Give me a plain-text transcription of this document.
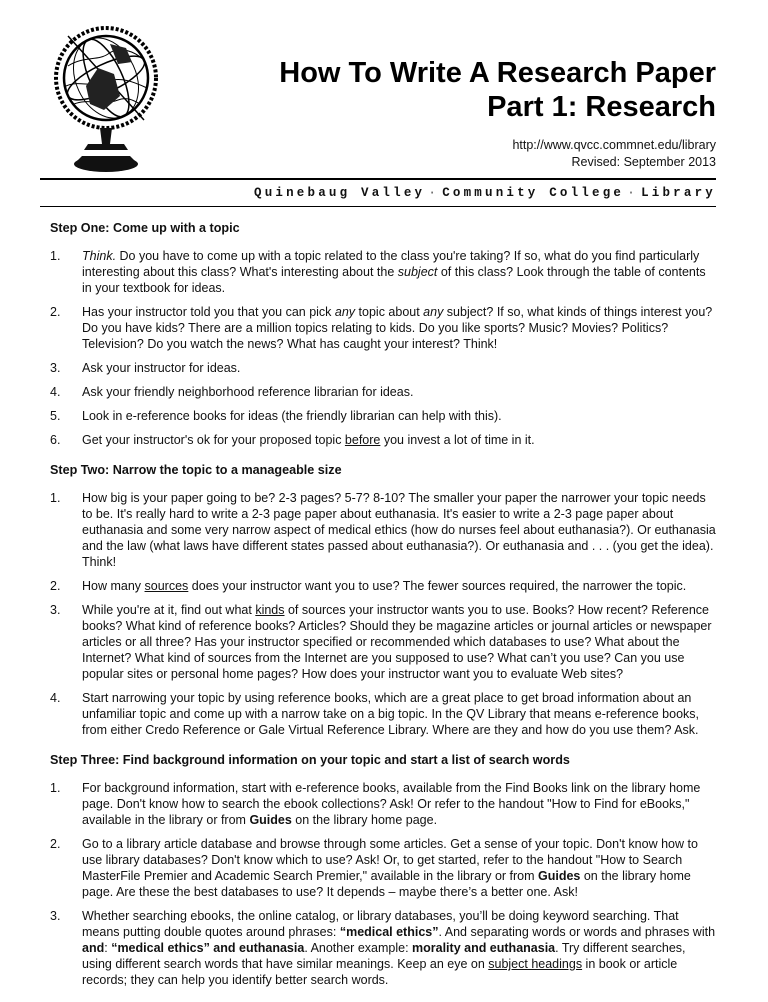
How To Write A Research Paper
Part 1: Research
http://www.qvcc.commnet.edu/library
Revised: September 2013
Quinebaug Valley · Community College · Library
Step One: Come up with a topic
1. Think. Do you have to come up with a topic related to the class you're taking? If so, what do you find particularly interesting about this class? What's interesting about the subject of this class? Look through the table of contents in your textbook for ideas.
2. Has your instructor told you that you can pick any topic about any subject? If so, what kinds of things interest you? Do you have kids? There are a million topics relating to kids. Do you like sports? Music? Movies? Politics? Television? Do you watch the news? What has caught your interest? Think!
3. Ask your instructor for ideas.
4. Ask your friendly neighborhood reference librarian for ideas.
5. Look in e-reference books for ideas (the friendly librarian can help with this).
6. Get your instructor's ok for your proposed topic before you invest a lot of time in it.
Step Two: Narrow the topic to a manageable size
1. How big is your paper going to be? 2-3 pages? 5-7? 8-10? The smaller your paper the narrower your topic needs to be. It's really hard to write a 2-3 page paper about euthanasia. It's easier to write a 2-3 page paper about euthanasia and some very narrow aspect of medical ethics (how do nurses feel about euthanasia?). Or euthanasia and the law (what laws have different states passed about euthanasia?). Or euthanasia and . . . (you get the idea). Think!
2. How many sources does your instructor want you to use? The fewer sources required, the narrower the topic.
3. While you're at it, find out what kinds of sources your instructor wants you to use. Books? How recent? Reference books? What kind of reference books? Articles? Should they be magazine articles or journal articles or newspaper articles or all three? Has your instructor specified or recommended which databases to use? What about the Internet? What kind of sources from the Internet are you supposed to use? What can’t you use? Can you use popular sites or personal home pages? How does your instructor want you to evaluate Web sites?
4. Start narrowing your topic by using reference books, which are a great place to get broad information about an unfamiliar topic and come up with a narrow take on a big topic. In the QV Library that means e-reference books, from either Credo Reference or Gale Virtual Reference Library. Where are they and how do you use them? Ask.
Step Three: Find background information on your topic and start a list of search words
1. For background information, start with e-reference books, available from the Find Books link on the library home page. Don't know how to search the ebook collections? Ask! Or refer to the handout "How to Find for eBooks," available in the library or from Guides on the library home page.
2. Go to a library article database and browse through some articles. Get a sense of your topic. Don't know how to use library databases? Don't know which to use? Ask! Or, to get started, refer to the handout "How to Search MasterFile Premier and Academic Search Premier," available in the library or from Guides on the library home page. Are these the best databases to use? It depends – maybe there’s a better one. Ask!
3. Whether searching ebooks, the online catalog, or library databases, you’ll be doing keyword searching. That means putting double quotes around phrases: “medical ethics”. And separating words or words and phrases with and: “medical ethics” and euthanasia. Another example: morality and euthanasia. Try different searches, using different search words that have similar meanings. Keep an eye on subject headings in book or article records; they can help you identify better search words.
